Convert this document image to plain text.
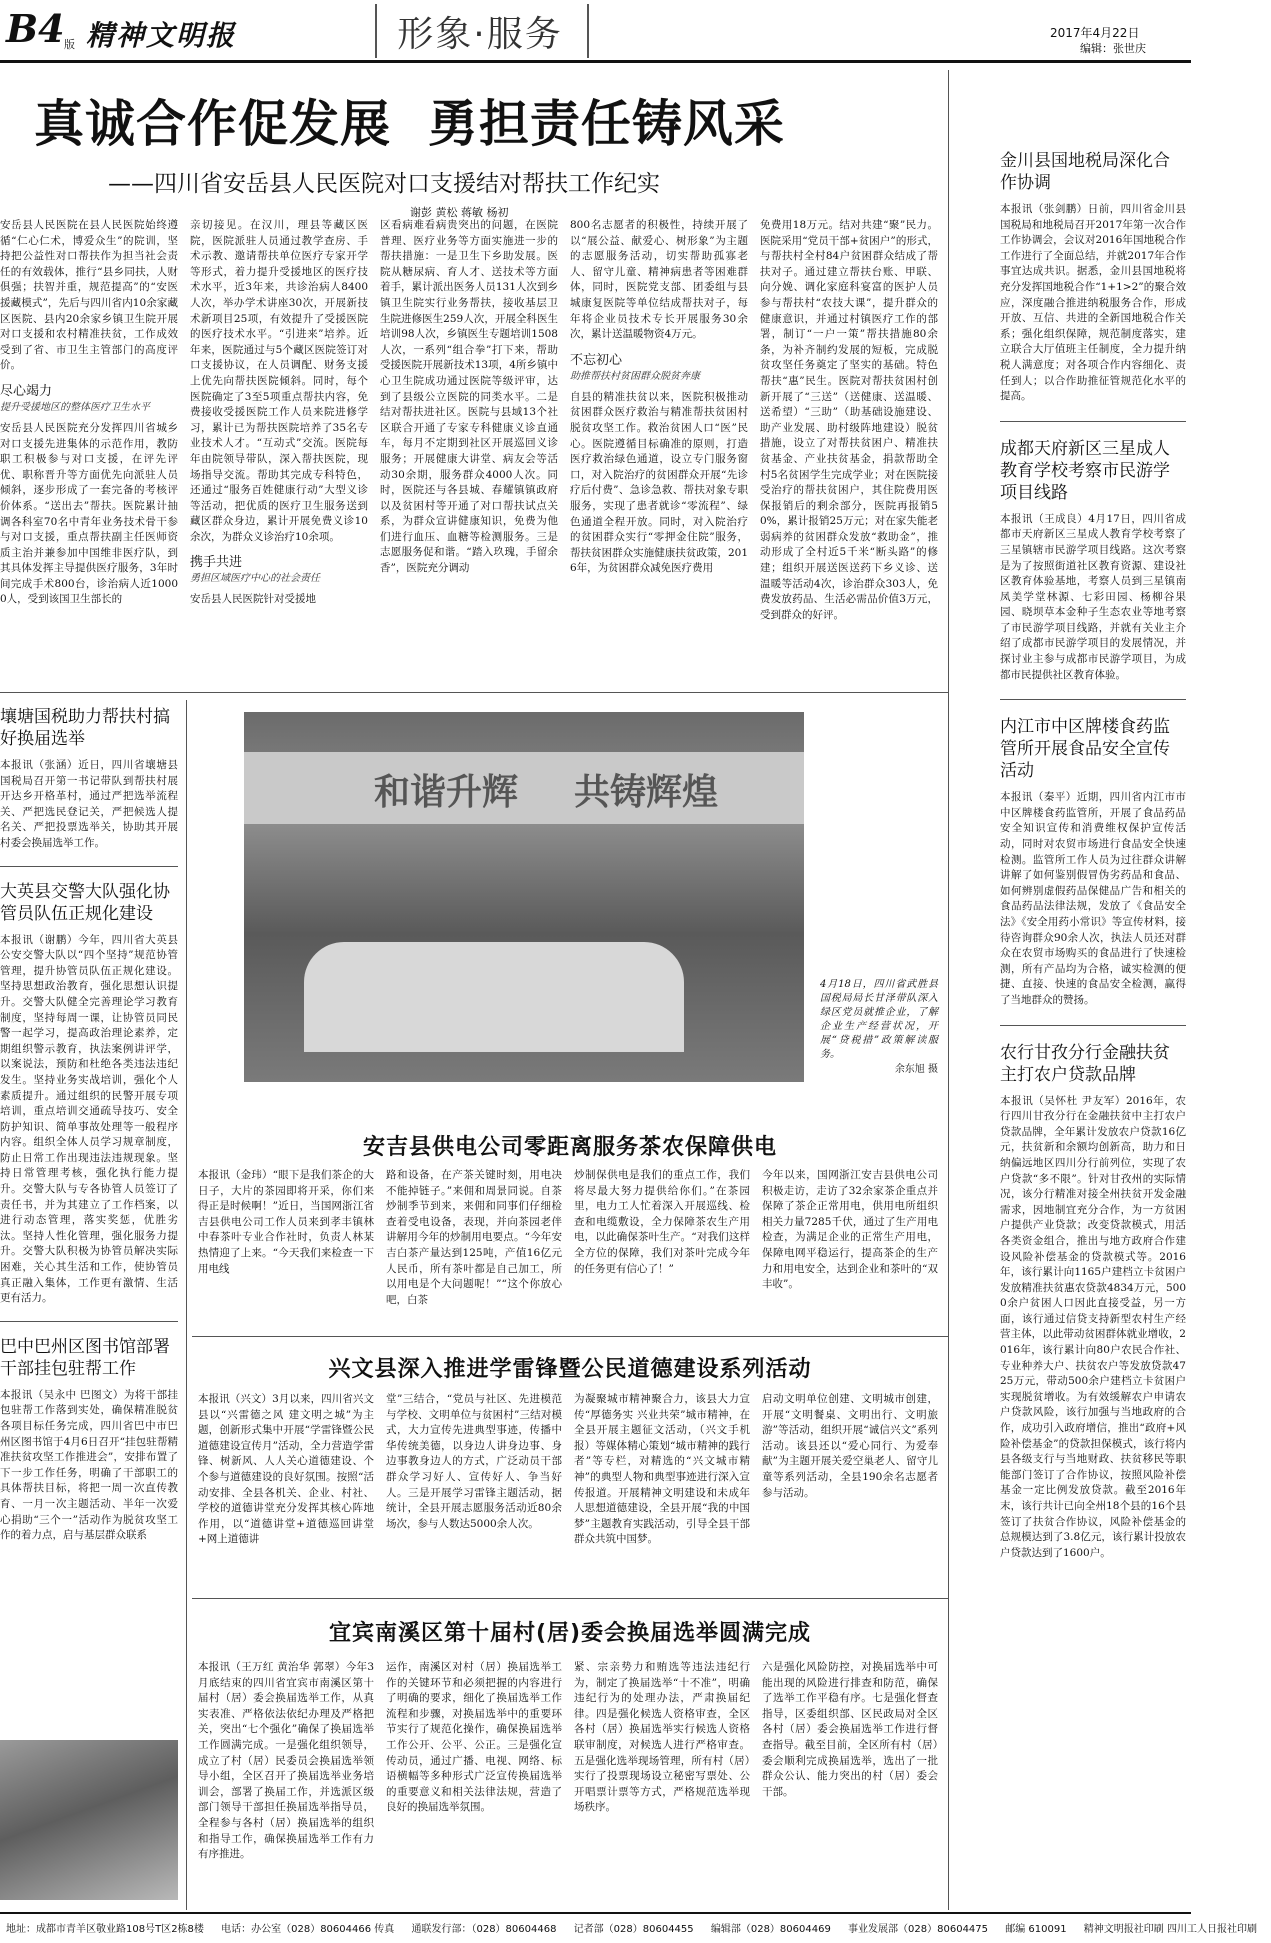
B4 版 精神文明报	形象·服务	2017年4月22日
编辑：张世庆
真诚合作促发展  勇担责任铸风采
——四川省安岳县人民医院对口支援结对帮扶工作纪实
谢彭 黄松 蒋敏 杨初

安岳县人民医院在县人民医院始终遵循“仁心仁术，博爱众生”的院训，坚持把公益性对口帮扶作为担当社会责任的有效载体，推行“县乡同扶，人财俱强；扶智并重，规范提高”的“安医援藏模式”，先后与四川省内10余家藏区医院、县内20余家乡镇卫生院开展对口支援和农村精准扶贫，工作成效受到了省、市卫生主管部门的高度评价。

尽心竭力

提升受援地区的整体医疗卫生水平

安岳县人民医院充分发挥四川省城乡对口支援先进集体的示范作用，教防职工积极参与对口支援，在评先评优、职称晋升等方面优先向派驻人员倾斜，逐步形成了一套完备的考核评价体系。“送出去”帮扶。医院累计抽调各科室70名中青年业务技术骨干参与对口支援，重点帮扶副主任医师资质主治并兼参加中国维非医疗队，到其具体发挥主导提供医疗服务，3年时间完成手术800台，诊治病人近10000人，受到该国卫生部长的

亲切接见。在汉川，理县等藏区医院，医院派驻人员通过教学查房、手术示教、邀请帮扶单位医疗专家开学等形式，着力提升受援地区的医疗技术水平，近3年来，共诊治病人8400人次，举办学术讲座30次，开展新技术新项目25项，有效提升了受援医院的医疗技术水平。“引进来”培养。近年来，医院通过与5个藏区医院签订对口支援协议，在人员调配、财务支援上优先向帮扶医院倾斜。同时，每个医院确定了3至5项重点帮扶内容，免费接收受援医院工作人员来院进修学习，累计已为帮扶医院培养了35名专业技术人才。“互动式”交流。医院每年由院领导带队，深入帮扶医院，现场指导交流。帮助其完成专科特色，还通过“服务百姓健康行动”大型义诊等活动，把优质的医疗卫生服务送到藏区群众身边，累计开展免费义诊10余次，为群众义诊治疗10余项。

携手共进

勇担区域医疗中心的社会责任

安岳县人民医院针对受援地

区看病难看病贵突出的问题，在医院普理、医疗业务等方面实施进一步的帮扶措施：一是卫生下乡助发展。医院从糖尿病、育人才、送技术等方面着手，累计派出医务人员131人次到乡镇卫生院实行业务帮扶，接收基层卫生院进修医生259人次，开展全科医生培训98人次，乡镇医生专题培训1508人次，一系列“组合拳”打下来，帮助受援医院开展新技术13项，4所乡镇中心卫生院成功通过医院等级评审，达到了县级公立医院的同类水平。二是结对帮扶进社区。医院与县域13个社区联合开通了专家专科健康义诊直通车，每月不定期到社区开展巡回义诊服务；开展健康大讲堂、病友会等活动30余期，服务群众4000人次。同时，医院还与各县城、春耀镇镇政府以及贫困村等开通了对口帮扶试点关系，为群众宣讲健康知识，免费为他们进行血压、血糖等检测服务。三是志愿服务促和谐。“踏入玖瑰，手留余香”，医院充分调动

800名志愿者的积极性，持续开展了以“展公益、献爱心、树形象”为主题的志愿服务活动，切实帮助孤寡老人、留守儿童、精神病患者等困难群体，同时，医院党支部、团委组与县城康复医院等单位结成帮扶对子，每年将企业员技术专长开展服务30余次，累计送温暖物资4万元。

不忘初心

助推帮扶村贫困群众脱贫奔康

自县的精准扶贫以来，医院积极推动贫困群众医疗救治与精准帮扶贫困村脱贫攻坚工作。救治贫困人口“医”民心。医院遵循目标确准的原则，打造医疗救治绿色通道，设立专门服务窗口，对入院治疗的贫困群众开展“先诊疗后付费”、急诊急救、帮扶对象专职服务，实现了患者就诊“零流程”、绿色通道全程开放。同时，对入院治疗的贫困群众实行“零押金住院”服务，帮扶贫困群众实施健康扶贫政策，2016年，为贫困群众减免医疗费用

免费用18万元。结对共建“聚”民力。医院采用“党员干部+贫困户”的形式，与帮扶村全村84户贫困群众结成了帮扶对子。通过建立帮扶台账、甲联、向分娩、调化家庭科宴富的医护人员参与帮扶村“农技大课”，提升群众的健康意识，并通过村镇医疗工作的部署，制订“一户一策”帮扶措施80余条，为补齐制约发展的短板，完成脱贫攻坚任务奠定了坚实的基础。特色帮扶“惠”民生。医院对帮扶贫困村创新开展了“三送”（送健康、送温暖、送希望）“三助”（助基础设施建设、助产业发展、助村级阵地建设）脱贫措施，设立了对帮扶贫困户、精准扶贫基金、产业扶贫基金，捐款帮助全村5名贫困学生完成学业；对在医院接受治疗的帮扶贫困户，其住院费用医保报销后的剩余部分，医院再报销50%，累计报销25万元；对在家失能老弱病养的贫困群众发放“救助金”，推动形成了全村近5千米“断头路”的修建；组织开展送医送药下乡义诊、送温暖等活动4次，诊治群众303人，免费发放药品、生活必需品价值3万元，受到群众的好评。

壤塘国税助力帮扶村搞好换届选举

本报讯（张涵）近日，四川省壤塘县国税局召开第一书记带队到帮扶村展开达乡开格革村，通过严把选举流程关、严把选民登记关，严把候选人提名关、严把投票选举关，协助其开展村委会换届选举工作。

大英县交警大队强化协管员队伍正规化建设

本报讯（谢鹏）今年，四川省大英县公安交警大队以“四个坚持”规范协管管理，提升协管员队伍正规化建设。坚持思想政治教育，强化思想认识提升。交警大队健全完善理论学习教育制度，坚持每周一课，让协管员同民警一起学习，提高政治理论素养，定期组织警示教育，执法案例讲评学，以案说法，预防和杜绝各类违法违纪发生。坚持业务实战培训，强化个人素质提升。通过组织的民警开展专项培训，重点培训交通疏导技巧、安全防护知识、简单事故处理等一般程序内容。组织全体人员学习规章制度，防止日常工作出现违法违规现象。坚持日常管理考核，强化执行能力提升。交警大队与专各协管人员签订了责任书，并为其建立了工作档案，以进行动态管理，落实奖惩，优胜劣汰。坚持人性化管理，强化服务力提升。交警大队积极为协管员解决实际困难，关心其生活和工作，使协管员真正融入集体，工作更有激情、生活更有活力。

巴中巴州区图书馆部署干部挂包驻帮工作

本报讯（吴永中 巴图文）为将干部挂包驻帮工作落到实处，确保精准脱贫各项目标任务完成，四川省巴中市巴州区图书馆于4月6日召开“挂包驻帮精准扶贫攻坚工作推进会”，安排布置了下一步工作任务，明确了干部职工的具体帮扶目标，将把一周一次直传教育、一月一次主题活动、半年一次爱心捐助“三个一”活动作为脱贫攻坚工作的着力点，启与基层群众联系

和谐升辉 共铸辉煌

4月18日，四川省武胜县国税局局长甘泽带队深入绿区党员就推企业，了解企业生产经营状况，开展“贷税措”政策解读服务。

余东旭 摄

安吉县供电公司零距离服务茶农保障供电

本报讯（金玮）“眼下是我们茶企的大日子，大片的茶园即将开采，你们来得正是时候啊！”近日，当国网浙江省吉县供电公司工作人员来到孝丰镇林中春茶叶专业合作社时，负责人林某热情迎了上来。“今天我们来检查一下用电线

路和设备，在产茶关键时刻，用电决不能掉链子。”来佣和周景同说。自茶炒制季节到来，来佣和同事们仔细检查着受电设备，表现，并向茶园老伴讲解用今年的炒制用电要点。“今年安吉白茶产量达到125吨，产值16亿元人民币，所有茶叶都是自己加工，所以用电是个大问题呢！”“这个你放心吧，白茶

炒制保供电是我们的重点工作，我们将尽最大努力提供给你们。”在茶园里，电力工人忙着深入开展巡线、检查和电缆敷设，全力保障茶农生产用电，以此确保茶叶生产。“对我们这样全方位的保障，我们对茶叶完成今年的任务更有信心了！”

今年以来，国网浙江安吉县供电公司积极走访，走访了32余家茶企重点并保障了茶企正常用电，供用电所组织相关力量7285千伏，通过了生产用电检查，为满足企业的正常生产用电，保障电网平稳运行，提高茶企的生产力和用电安全，达到企业和茶叶的“双丰收”。

兴文县深入推进学雷锋暨公民道德建设系列活动

本报讯（兴文）3月以来，四川省兴文县以“兴雷德之风 建文明之城”为主题，创新形式集中开展“学雷锋暨公民道德建设宣传月”活动，全力营造学雷锋、树新风、人人关心道德建设、个个参与道德建设的良好氛围。按照“活动安排、全县各机关、企业、村社、学校的道德讲堂充分发挥其核心阵地作用，以“道德讲堂+道德巡回讲堂+网上道德讲

堂”三结合，“党员与社区、先进模范与学校、文明单位与贫困村”三结对模式，大力宣传先进典型事迹，传播中华传统美德，以身边人讲身边事、身边事教身边人的方式，广泛动员干部群众学习好人、宣传好人、争当好人。三是开展学习雷锋主题活动，据统计，全县开展志愿服务活动近80余场次，参与人数达5000余人次。

为凝聚城市精神聚合力，该县大力宣传“厚德务实 兴业共荣”城市精神，在全县开展主题征文活动，（兴文手机报）等媒体精心策划“城市精神的践行者”等专栏，对精选的“兴文城市精神”的典型人物和典型事迹进行深入宣传报道。开展精神文明建设和未成年人思想道德建设，全县开展“我的中国梦”主题教育实践活动，引导全县干部群众共筑中国梦。

启动文明单位创建、文明城市创建，开展“文明餐桌、文明出行、文明旅游”等活动，组织开展“诚信兴文”系列活动。该县还以“爱心同行、为爱奉献”为主题开展关爱空巢老人、留守儿童等系列活动，全县190余名志愿者参与活动。

宜宾南溪区第十届村(居)委会换届选举圆满完成

本报讯（王万红 黄治华 郭翠）今年3月底结束的四川省宜宾市南溪区第十届村（居）委会换届选举工作，从真实表准、严格依法依纪办理及严格把关，突出“七个强化”确保了换届选举工作圆满完成。一是强化组织领导，成立了村（居）民委员会换届选举领导小组，全区召开了换届选举业务培训会，部署了换届工作，并选派区级部门领导干部担任换届选举指导员，全程参与各村（居）换届选举的组织和指导工作，确保换届选举工作有力有序推进。

运作，南溪区对村（居）换届选举工作的关键环节和必须把握的内容进行了明确的要求，细化了换届选举工作流程和步骤，对换届选举中的重要环节实行了规范化操作，确保换届选举工作公开、公平、公正。三是强化宣传动员，通过广播、电视、网络、标语横幅等多种形式广泛宣传换届选举的重要意义和相关法律法规，营造了良好的换届选举氛围。

紧、宗亲势力和贿选等违法违纪行为，制定了换届选举“十不准”，明确违纪行为的处理办法，严肃换届纪律。四是强化候选人资格审查，全区各村（居）换届选举实行候选人资格联审制度，对候选人进行严格审查。五是强化选举现场管理，所有村（居）实行了投票现场设立秘密写票处、公开唱票计票等方式，严格规范选举现场秩序。

六是强化风险防控，对换届选举中可能出现的风险进行排查和防范，确保了选举工作平稳有序。七是强化督查指导，区委组织部、区民政局对全区各村（居）委会换届选举工作进行督查指导。截至目前，全区所有村（居）委会顺利完成换届选举，选出了一批群众公认、能力突出的村（居）委会干部。

金川县国地税局深化合作协调

本报讯（张剑鹏）日前，四川省金川县国税局和地税局召开2017年第一次合作工作协调会，会议对2016年国地税合作工作进行了全面总结，并就2017年合作事宜达成共识。据悉，金川县国地税将充分发挥国地税合作“1+1>2”的聚合效应，深度融合推进纳税服务合作，形成开放、互信、共进的全新国地税合作关系；强化组织保障，规范制度落实，建立联合大厅值班主任制度，全力提升纳税人满意度；对各项合作内容细化、责任到人；以合作助推征管规范化水平的提高。

成都天府新区三星成人教育学校考察市民游学项目线路

本报讯（王成良）4月17日，四川省成都市天府新区三星成人教育学校考察了三星镇辖市民游学项目线路。这次考察是为了按照街道社区教育资源、建设社区教育体验基地，考察人员到三星镇南凤美学堂林源、七彩田园、杨柳谷果园、晓坝草本金种子生态农业等地考察了市民游学项目线路，并就有关业主介绍了成都市民游学项目的发展情况，并探讨业主参与成都市民游学项目，为成都市民提供社区教育体验。

内江市中区牌楼食药监管所开展食品安全宣传活动

本报讯（秦平）近期，四川省内江市市中区牌楼食药监管所，开展了食品药品安全知识宣传和消费维权保护宣传活动，同时对农贸市场进行食品安全快速检测。监管所工作人员为过往群众讲解讲解了如何鉴别假冒伪劣药品和食品、如何辨别虚假药品保健品广告和相关的食品药品法律法规，发放了《食品安全法》《安全用药小常识》等宣传材料，接待咨询群众90余人次，执法人员还对群众在农贸市场购买的食品进行了快速检测，所有产品均为合格，诚实检测的便捷、直接、快速的食品安全检测，赢得了当地群众的赞扬。

农行甘孜分行金融扶贫主打农户贷款品牌

本报讯（吴怀杜 尹友军）2016年，农行四川甘孜分行在金融扶贫中主打农户贷款品牌，全年累计发放农户贷款16亿元，扶贫新和余额均创新高，助力和日纳偏远地区四川分行前列位，实现了农户贷款“多不限”。针对甘孜州的实际情况，该分行精准对接全州扶贫开发金融需求，因地制宜充分合作，为一方贫困户提供产业贷款；改变贷款模式，用活各类资金组合，推出与地方政府合作建设风险补偿基金的贷款模式等。2016年，该行累计向1165户建档立卡贫困户发放精准扶贫惠农贷款4834万元，5000余户贫困人口因此直接受益，另一方面，该行通过信贷支持新型农村生产经营主体，以此带动贫困群体就业增收，2016年，该行累计向80户农民合作社、专业种养大户、扶贫农户等发放贷款4725万元，带动500余户建档立卡贫困户实现脱贫增收。为有效缓解农户申请农户贷款风险，该行加强与当地政府的合作，成功引入政府增信，推出“政府+风险补偿基金”的贷款担保模式，该行将内县各级支行与当地财政、扶贫移民等职能部门签订了合作协议，按照风险补偿基金一定比例发放贷款。截至2016年末，该行共计已向全州18个县的16个县签订了扶贫合作协议，风险补偿基金的总规模达到了3.8亿元，该行累计投放农户贷款达到了1600户。

地址：成都市青羊区敬业路108号T区2栋8楼 电话：办公室（028）80604466 传真 通联发行部：（028）80604468 记者部（028）80604455 编辑部（028）80604469 事业发展部（028）80604475 邮编 610091 精神文明报社印刷 四川工人日报社印刷
